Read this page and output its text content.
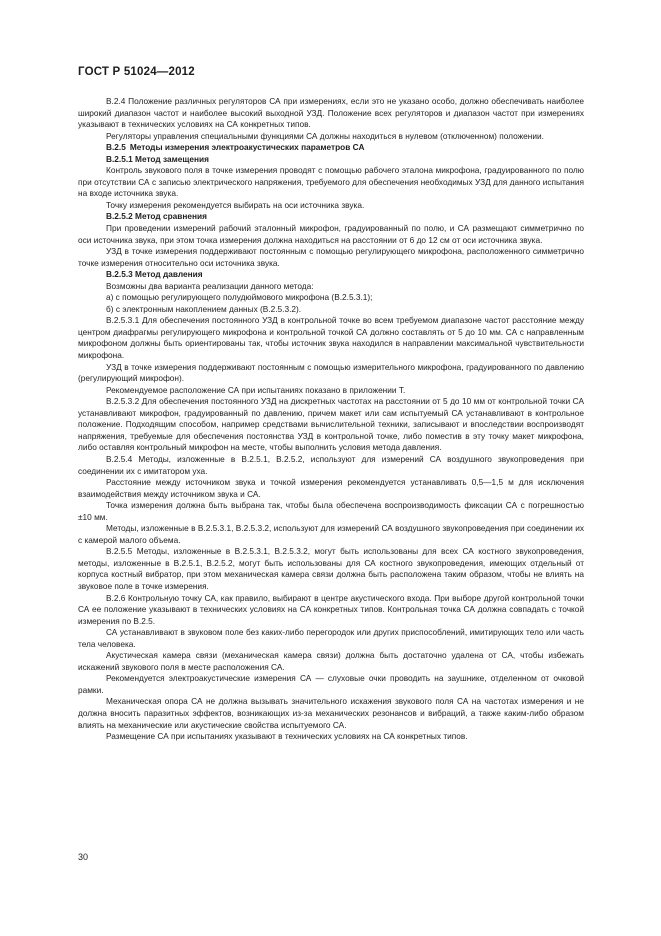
ГОСТ Р 51024—2012

В.2.4 Положение различных регуляторов СА при измерениях, если это не указано особо, должно обеспечивать наиболее широкий диапазон частот и наиболее высокий выходной УЗД. Положение всех регуляторов и диапазон частот при измерениях указывают в технических условиях на СА конкретных типов.

Регуляторы управления специальными функциями СА должны находиться в нулевом (отключенном) положении.

В.2.5 Методы измерения электроакустических параметров СА

В.2.5.1 Метод замещения

Контроль звукового поля в точке измерения проводят с помощью рабочего эталона микрофона, градуированного по полю при отсутствии СА с записью электрического напряжения, требуемого для обеспечения необходимых УЗД для данного испытания на входе источника звука.

Точку измерения рекомендуется выбирать на оси источника звука.

В.2.5.2 Метод сравнения

При проведении измерений рабочий эталонный микрофон, градуированный по полю, и СА размещают симметрично по оси источника звука, при этом точка измерения должна находиться на расстоянии от 6 до 12 см от оси источника звука.

УЗД в точке измерения поддерживают постоянным с помощью регулирующего микрофона, расположенного симметрично точке измерения относительно оси источника звука.

В.2.5.3 Метод давления

Возможны два варианта реализации данного метода:

а) с помощью регулирующего полудюймового микрофона (В.2.5.3.1);

б) с электронным накоплением данных (В.2.5.3.2).

В.2.5.3.1 Для обеспечения постоянного УЗД в контрольной точке во всем требуемом диапазоне частот расстояние между центром диафрагмы регулирующего микрофона и контрольной точкой СА должно составлять от 5 до 10 мм. СА с направленным микрофоном должны быть ориентированы так, чтобы источник звука находился в направлении максимальной чувствительности микрофона.

УЗД в точке измерения поддерживают постоянным с помощью измерительного микрофона, градуированного по давлению (регулирующий микрофон).

Рекомендуемое расположение СА при испытаниях показано в приложении Т.

В.2.5.3.2 Для обеспечения постоянного УЗД на дискретных частотах на расстоянии от 5 до 10 мм от контрольной точки СА устанавливают микрофон, градуированный по давлению, причем макет или сам испытуемый СА устанавливают в контрольное положение. Подходящим способом, например средствами вычислительной техники, записывают и впоследствии воспроизводят напряжения, требуемые для обеспечения постоянства УЗД в контрольной точке, либо поместив в эту точку макет микрофона, либо оставляя контрольный микрофон на месте, чтобы выполнить условия метода давления.

В.2.5.4 Методы, изложенные в В.2.5.1, В.2.5.2, используют для измерений СА воздушного звукопроведения при соединении их с имитатором уха.

Расстояние между источником звука и точкой измерения рекомендуется устанавливать 0,5—1,5 м для исключения взаимодействия между источником звука и СА.

Точка измерения должна быть выбрана так, чтобы была обеспечена воспроизводимость фиксации СА с погрешностью ±10 мм.

Методы, изложенные в В.2.5.3.1, В.2.5.3.2, используют для измерений СА воздушного звукопроведения при соединении их с камерой малого объема.

В.2.5.5 Методы, изложенные в В.2.5.3.1, В.2.5.3.2, могут быть использованы для всех СА костного звукопроведения, методы, изложенные в В.2.5.1, В.2.5.2, могут быть использованы для СА костного звукопроведения, имеющих отдельный от корпуса костный вибратор, при этом механическая камера связи должна быть расположена таким образом, чтобы не влиять на звуковое поле в точке измерения.

В.2.6 Контрольную точку СА, как правило, выбирают в центре акустического входа. При выборе другой контрольной точки СА ее положение указывают в технических условиях на СА конкретных типов. Контрольная точка СА должна совпадать с точкой измерения по В.2.5.

СА устанавливают в звуковом поле без каких-либо перегородок или других приспособлений, имитирующих тело или часть тела человека.

Акустическая камера связи (механическая камера связи) должна быть достаточно удалена от СА, чтобы избежать искажений звукового поля в месте расположения СА.

Рекомендуется электроакустические измерения СА — слуховые очки проводить на заушнике, отделенном от очковой рамки.

Механическая опора СА не должна вызывать значительного искажения звукового поля СА на частотах измерения и не должна вносить паразитных эффектов, возникающих из-за механических резонансов и вибраций, а также каким-либо образом влиять на механические или акустические свойства испытуемого СА.

Размещение СА при испытаниях указывают в технических условиях на СА конкретных типов.

30
